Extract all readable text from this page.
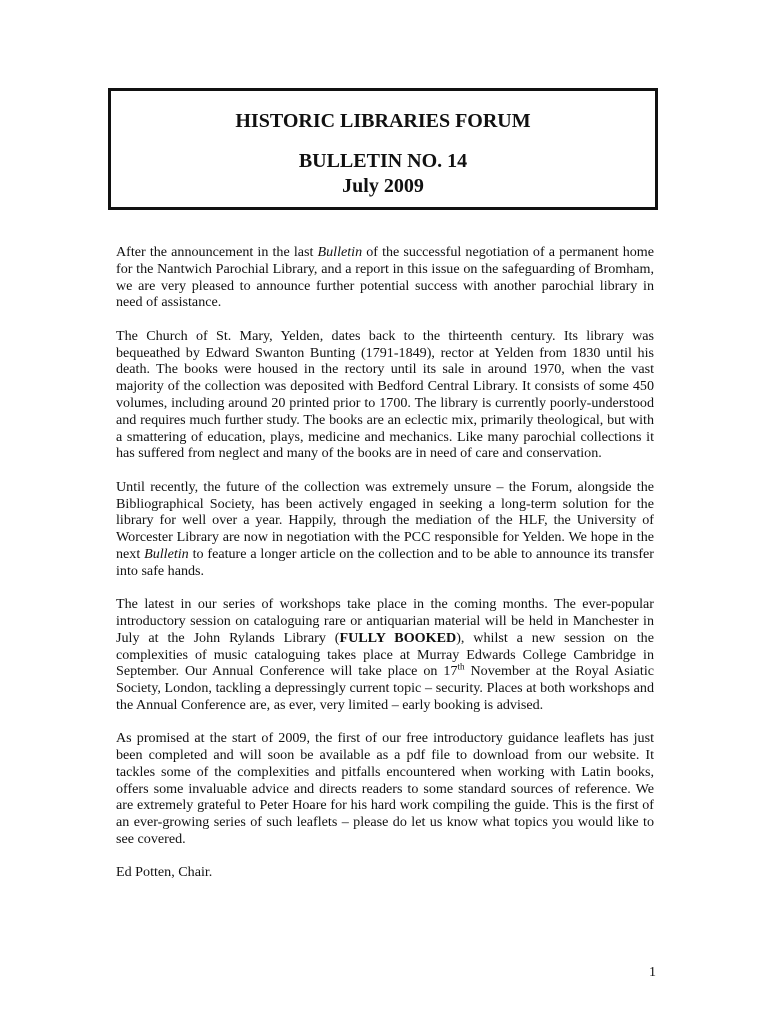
HISTORIC LIBRARIES FORUM

BULLETIN NO. 14

July 2009

After the announcement in the last Bulletin of the successful negotiation of a permanent home for the Nantwich Parochial Library, and a report in this issue on the safeguarding of Bromham, we are very pleased to announce further potential success with another parochial library in need of assistance.

The Church of St. Mary, Yelden, dates back to the thirteenth century. Its library was bequeathed by Edward Swanton Bunting (1791-1849), rector at Yelden from 1830 until his death. The books were housed in the rectory until its sale in around 1970, when the vast majority of the collection was deposited with Bedford Central Library. It consists of some 450 volumes, including around 20 printed prior to 1700. The library is currently poorly-understood and requires much further study. The books are an eclectic mix, primarily theological, but with a smattering of education, plays, medicine and mechanics. Like many parochial collections it has suffered from neglect and many of the books are in need of care and conservation.

Until recently, the future of the collection was extremely unsure – the Forum, alongside the Bibliographical Society, has been actively engaged in seeking a long-term solution for the library for well over a year. Happily, through the mediation of the HLF, the University of Worcester Library are now in negotiation with the PCC responsible for Yelden. We hope in the next Bulletin to feature a longer article on the collection and to be able to announce its transfer into safe hands.

The latest in our series of workshops take place in the coming months. The ever-popular introductory session on cataloguing rare or antiquarian material will be held in Manchester in July at the John Rylands Library (FULLY BOOKED), whilst a new session on the complexities of music cataloguing takes place at Murray Edwards College Cambridge in September. Our Annual Conference will take place on 17th November at the Royal Asiatic Society, London, tackling a depressingly current topic – security. Places at both workshops and the Annual Conference are, as ever, very limited – early booking is advised.

As promised at the start of 2009, the first of our free introductory guidance leaflets has just been completed and will soon be available as a pdf file to download from our website. It tackles some of the complexities and pitfalls encountered when working with Latin books, offers some invaluable advice and directs readers to some standard sources of reference. We are extremely grateful to Peter Hoare for his hard work compiling the guide. This is the first of an ever-growing series of such leaflets – please do let us know what topics you would like to see covered.

Ed Potten, Chair.

1
